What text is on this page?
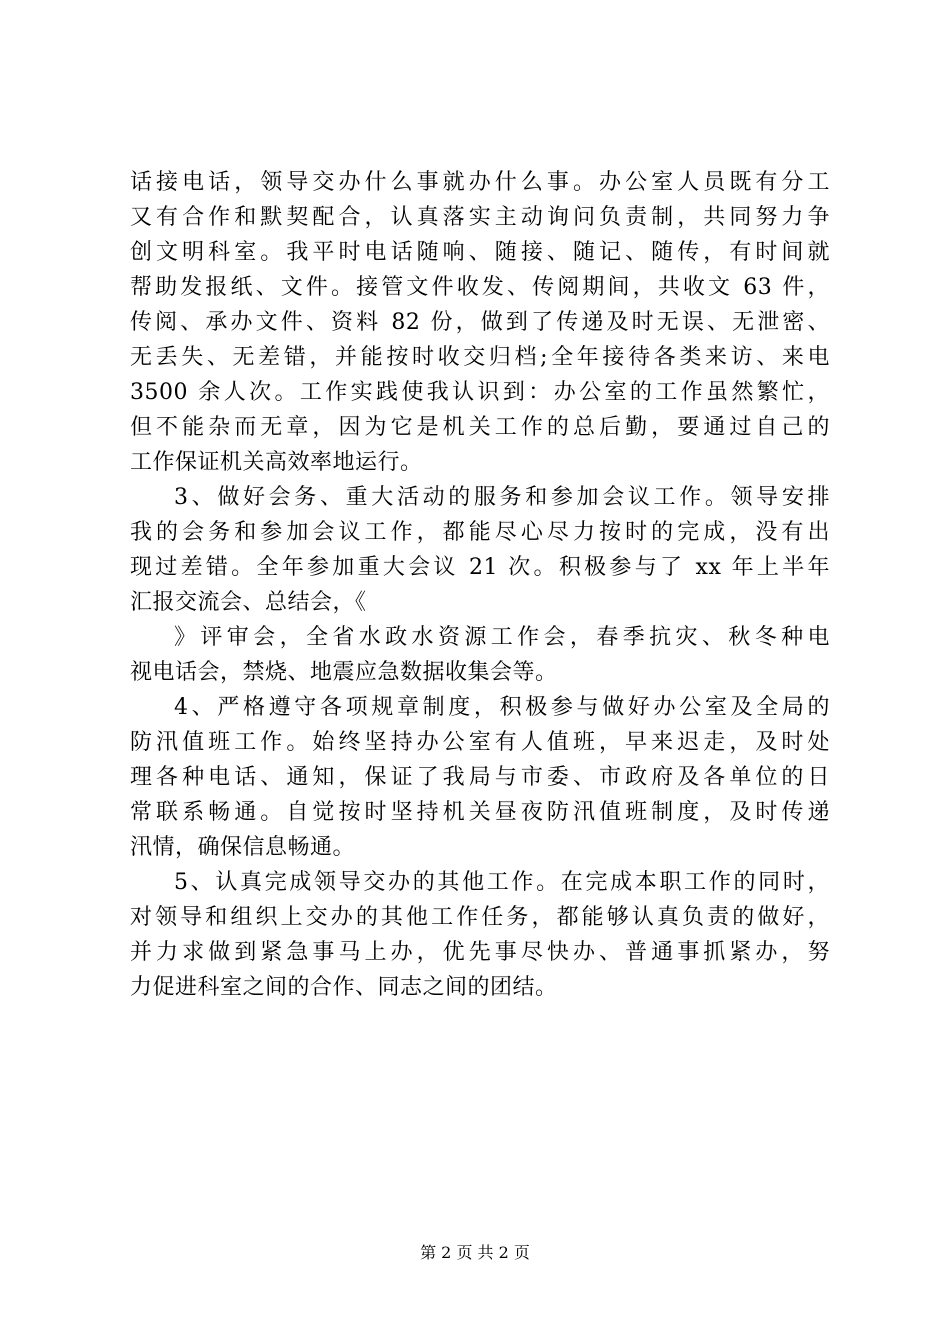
话接电话，领导交办什么事就办什么事。办公室人员既有分工
又有合作和默契配合，认真落实主动询问负责制，共同努力争
创文明科室。我平时电话随响、随接、随记、随传，有时间就
帮助发报纸、文件。接管文件收发、传阅期间，共收文 63 件，
传阅、承办文件、资料 82 份，做到了传递及时无误、无泄密、
无丢失、无差错，并能按时收交归档;全年接待各类来访、来电
3500 余人次。工作实践使我认识到：办公室的工作虽然繁忙，
但不能杂而无章，因为它是机关工作的总后勤，要通过自己的
工作保证机关高效率地运行。
3、做好会务、重大活动的服务和参加会议工作。领导安排
我的会务和参加会议工作，都能尽心尽力按时的完成，没有出
现过差错。全年参加重大会议 21 次。积极参与了 xx 年上半年
汇报交流会、总结会，《
》评审会，全省水政水资源工作会，春季抗灾、秋冬种电
视电话会，禁烧、地震应急数据收集会等。
4、严格遵守各项规章制度，积极参与做好办公室及全局的
防汛值班工作。始终坚持办公室有人值班，早来迟走，及时处
理各种电话、通知，保证了我局与市委、市政府及各单位的日
常联系畅通。自觉按时坚持机关昼夜防汛值班制度，及时传递
汛情，确保信息畅通。
5、认真完成领导交办的其他工作。在完成本职工作的同时，
对领导和组织上交办的其他工作任务，都能够认真负责的做好，
并力求做到紧急事马上办，优先事尽快办、普通事抓紧办，努
力促进科室之间的合作、同志之间的团结。
第 2 页 共 2 页
